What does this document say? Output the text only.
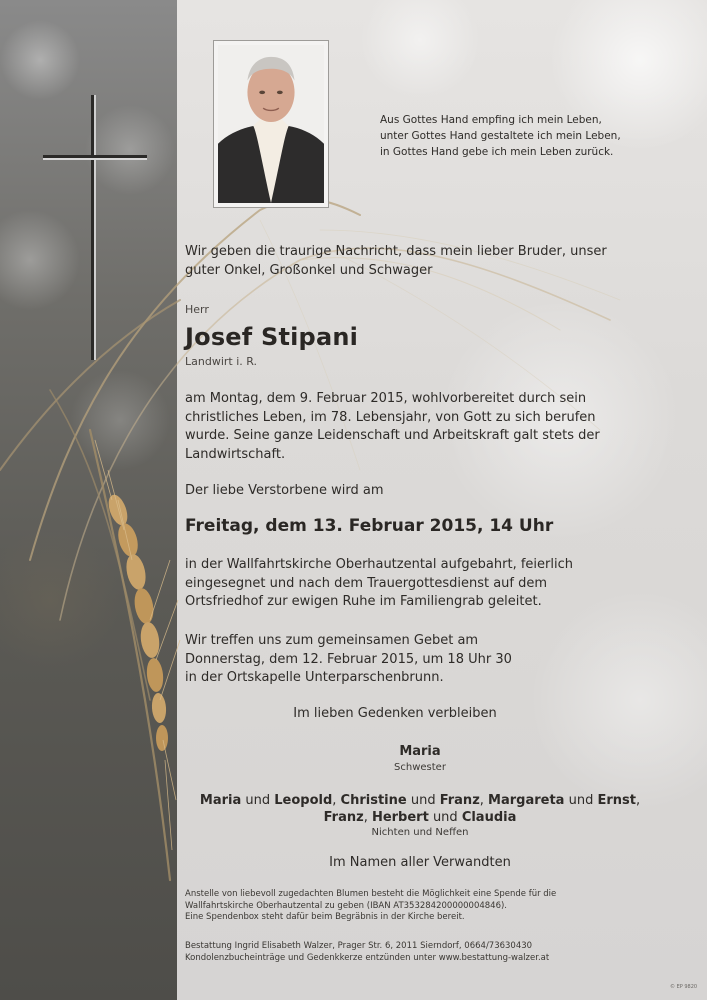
Aus Gottes Hand empfing ich mein Leben,
unter Gottes Hand gestaltete ich mein Leben,
in Gottes Hand gebe ich mein Leben zurück.
Wir geben die traurige Nachricht, dass mein lieber Bruder, unser
guter Onkel, Großonkel und Schwager
Herr
Josef Stipani
Landwirt i. R.
am Montag, dem 9. Februar 2015, wohlvorbereitet durch sein
christliches Leben, im 78. Lebensjahr, von Gott zu sich berufen
wurde. Seine ganze Leidenschaft und Arbeitskraft galt stets der
Landwirtschaft.
Der liebe Verstorbene wird am
Freitag, dem 13. Februar 2015, 14 Uhr
in der Wallfahrtskirche Oberhautzental aufgebahrt, feierlich
eingesegnet und nach dem Trauergottesdienst auf dem
Ortsfriedhof zur ewigen Ruhe im Familiengrab geleitet.
Wir treffen uns zum gemeinsamen Gebet am
Donnerstag, dem 12. Februar 2015, um 18 Uhr 30
in der Ortskapelle Unterparschenbrunn.
Im lieben Gedenken verbleiben
Maria
Schwester
Maria und Leopold, Christine und Franz, Margareta und Ernst,
Franz, Herbert und Claudia
Nichten und Neffen
Im Namen aller Verwandten
Anstelle von liebevoll zugedachten Blumen besteht die Möglichkeit eine Spende für die
Wallfahrtskirche Oberhautzental zu geben (IBAN AT353284200000004846).
Eine Spendenbox steht dafür beim Begräbnis in der Kirche bereit.
Bestattung Ingrid Elisabeth Walzer, Prager Str. 6, 2011 Sierndorf, 0664/73630430
Kondolenzbucheinträge und Gedenkkerze entzünden unter www.bestattung-walzer.at
© EP 9820
